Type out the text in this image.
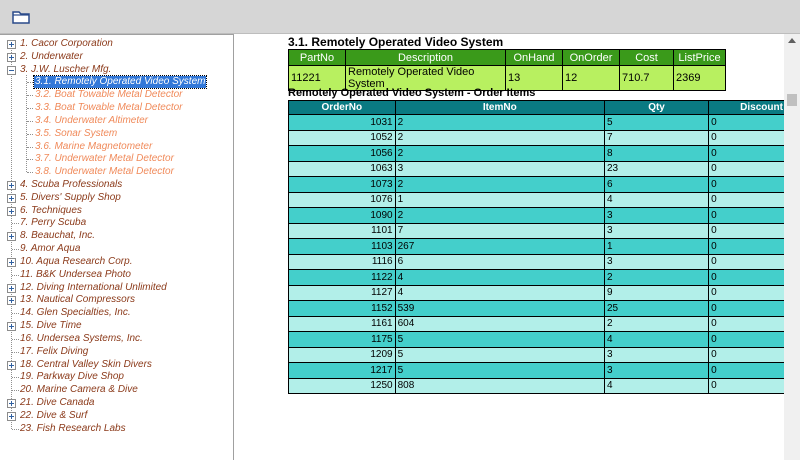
1. Cacor Corporation
2. Underwater
3. J.W. Luscher Mfg.
3.1. Remotely Operated Video System
3.2. Boat Towable Metal Detector
3.3. Boat Towable Metal Detector
3.4. Underwater Altimeter
3.5. Sonar System
3.6. Marine Magnetometer
3.7. Underwater Metal Detector
3.8. Underwater Metal Detector
4. Scuba Professionals
5. Divers' Supply Shop
6. Techniques
7. Perry Scuba
8. Beauchat, Inc.
9. Amor Aqua
10. Aqua Research Corp.
11. B&K Undersea Photo
12. Diving International Unlimited
13. Nautical Compressors
14. Glen Specialties, Inc.
15. Dive Time
16. Undersea Systems, Inc.
17. Felix Diving
18. Central Valley Skin Divers
19. Parkway Dive Shop
20. Marine Camera & Dive
21. Dive Canada
22. Dive & Surf
23. Fish Research Labs
3.1. Remotely Operated Video System
PartNo	Description	OnHand	OnOrder	Cost	ListPrice
11221	Remotely Operated Video System	13	12	710.7	2369
Remotely Operated Video System - Order Items
OrderNo	ItemNo	Qty	Discount
1031	2	5	0
1052	2	7	0
1056	2	8	0
1063	3	23	0
1073	2	6	0
1076	1	4	0
1090	2	3	0
1101	7	3	0
1103	267	1	0
1116	6	3	0
1122	4	2	0
1127	4	9	0
1152	539	25	0
1161	604	2	0
1175	5	4	0
1209	5	3	0
1217	5	3	0
1250	808	4	0
